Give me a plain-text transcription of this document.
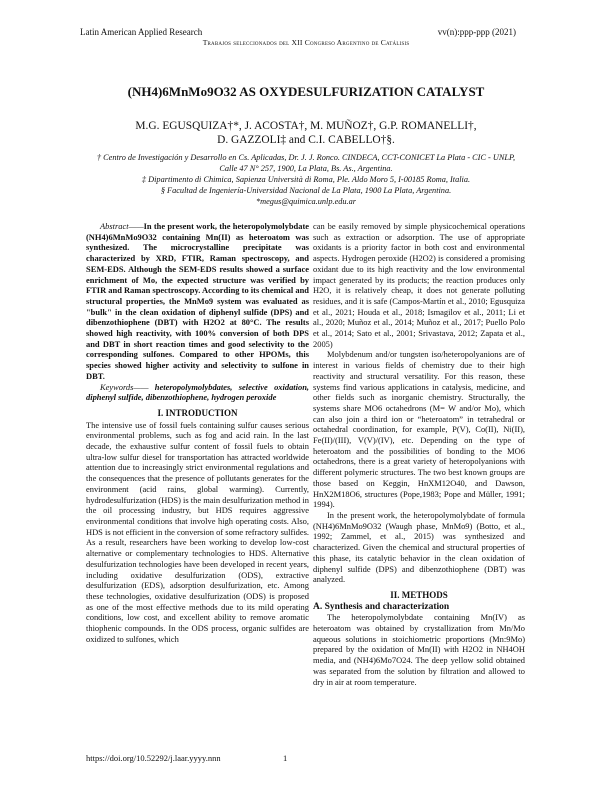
Latin American Applied Research	vv(n):ppp-ppp (2021)
Trabajos seleccionados del XII Congreso Argentino de Catálisis
(NH4)6MnMo9O32 AS OXYDESULFURIZATION CATALYST
M.G. EGUSQUIZA†*, J. ACOSTA†, M. MUÑOZ†, G.P. ROMANELLI†,
D. GAZZOLI‡ and C.I. CABELLO†§.
† Centro de Investigación y Desarrollo en Cs. Aplicadas, Dr. J. J. Ronco. CINDECA, CCT-CONICET La Plata - CIC - UNLP, Calle 47 N° 257, 1900, La Plata, Bs. As., Argentina.
‡ Dipartimento di Chimica, Sapienza Università di Roma, Ple. Aldo Moro 5, I-00185 Roma, Italia.
§ Facultad de Ingeniería-Universidad Nacional de La Plata, 1900 La Plata, Argentina.
*megus@quimica.unlp.edu.ar

Abstract——In the present work, the heteropolymolybdate (NH4)6MnMo9O32 containing Mn(II) as heteroatom was synthesized. The microcrystalline precipitate was characterized by XRD, FTIR, Raman spectroscopy, and SEM-EDS. Although the SEM-EDS results showed a surface enrichment of Mo, the expected structure was verified by FTIR and Raman spectroscopy. According to its chemical and structural properties, the MnMo9 system was evaluated as "bulk" in the clean oxidation of diphenyl sulfide (DPS) and dibenzothiophene (DBT) with H2O2 at 80°C. The results showed high reactivity, with 100% conversion of both DPS and DBT in short reaction times and good selectivity to the corresponding sulfones. Compared to other HPOMs, this species showed higher activity and selectivity to sulfone in DBT.

Keywords—— heteropolymolybdates, selective oxidation, diphenyl sulfide, dibenzothiophene, hydrogen peroxide

I. INTRODUCTION

The intensive use of fossil fuels containing sulfur causes serious environmental problems, such as fog and acid rain. In the last decade, the exhaustive sulfur content of fossil fuels to obtain ultra-low sulfur diesel for transportation has attracted worldwide attention due to increasingly strict environmental regulations and the consequences that the presence of pollutants generates for the environment (acid rains, global warming). Currently, hydrodesulfurization (HDS) is the main desulfurization method in the oil processing industry, but HDS requires aggressive environmental conditions that involve high operating costs. Also, HDS is not efficient in the conversion of some refractory sulfides. As a result, researchers have been working to develop low-cost alternative or complementary technologies to HDS. Alternative desulfurization technologies have been developed in recent years, including oxidative desulfurization (ODS), extractive desulfurization (EDS), adsorption desulfurization, etc. Among these technologies, oxidative desulfurization (ODS) is proposed as one of the most effective methods due to its mild operating conditions, low cost, and excellent ability to remove aromatic thiophenic compounds. In the ODS process, organic sulfides are oxidized to sulfones, which

can be easily removed by simple physicochemical operations such as extraction or adsorption. The use of appropriate oxidants is a priority factor in both cost and environmental aspects. Hydrogen peroxide (H2O2) is considered a promising oxidant due to its high reactivity and the low environmental impact generated by its products; the reaction produces only H2O, it is relatively cheap, it does not generate polluting residues, and it is safe (Campos-Martín et al., 2010; Egusquiza et al., 2021; Houda et al., 2018; Ismagilov et al., 2011; Li et al., 2020; Muñoz et al., 2014; Muñoz et al., 2017; Puello Polo et al., 2014; Sato et al., 2001; Srivastava, 2012; Zapata et al., 2005)

Molybdenum and/or tungsten iso/heteropolyanions are of interest in various fields of chemistry due to their high reactivity and structural versatility. For this reason, these systems find various applications in catalysis, medicine, and other fields such as inorganic chemistry. Structurally, the systems share MO6 octahedrons (M= W and/or Mo), which can also join a third ion or “heteroatom” in tetrahedral or octahedral coordination, for example, P(V), Co(II), Ni(II), Fe(II)/(III), V(V)/(IV), etc. Depending on the type of heteroatom and the possibilities of bonding to the MO6 octahedrons, there is a great variety of heteropolyanions with different polymeric structures. The two best known groups are those based on Keggin, HnXM12O40, and Dawson, HnX2M18O6, structures (Pope,1983; Pope and Müller, 1991; 1994).

In the present work, the heteropolymolybdate of formula (NH4)6MnMo9O32 (Waugh phase, MnMo9) (Botto, et al., 1992; Zammel, et al., 2015) was synthesized and characterized. Given the chemical and structural properties of this phase, its catalytic behavior in the clean oxidation of diphenyl sulfide (DPS) and dibenzothiophene (DBT) was analyzed.

II. METHODS
A. Synthesis and characterization

The heteropolymolybdate containing Mn(IV) as heteroatom was obtained by crystallization from Mn/Mo aqueous solutions in stoichiometric proportions (Mn:9Mo) prepared by the oxidation of Mn(II) with H2O2 in NH4OH media, and (NH4)6Mo7O24. The deep yellow solid obtained was separated from the solution by filtration and allowed to dry in air at room temperature.

https://doi.org/10.52292/j.laar.yyyy.nnn	1
